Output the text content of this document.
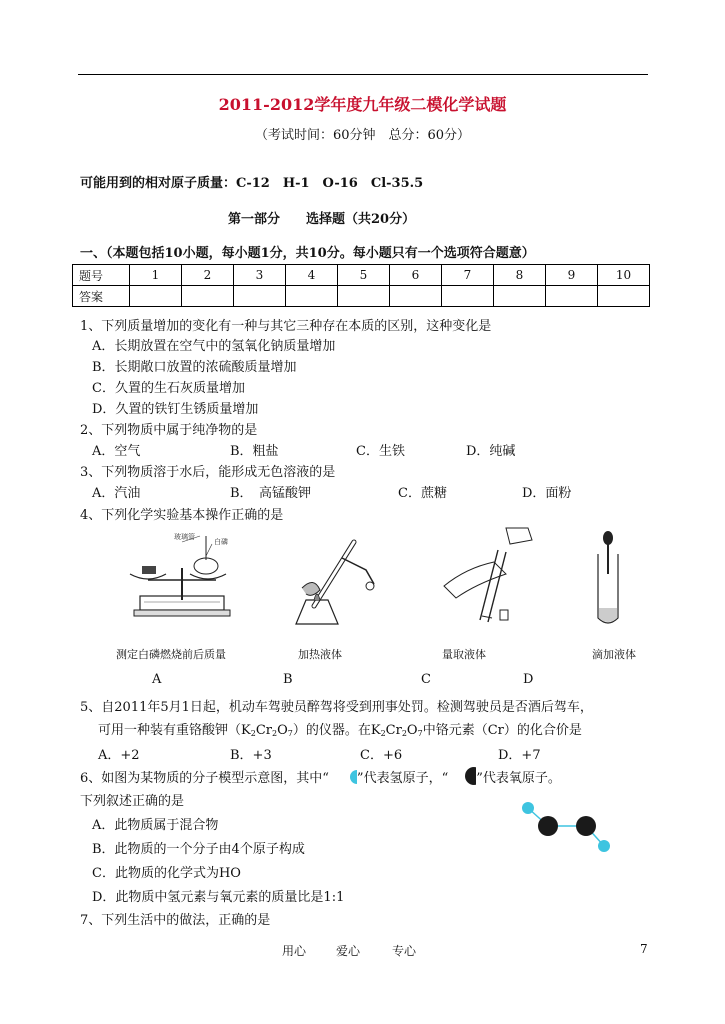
2011-2012学年度九年级二模化学试题
（考试时间：60分钟　总分：60分）
可能用到的相对原子质量：C-12　H-1　O-16　Cl-35.5
第一部分　　选择题（共20分）
一、（本题包括10小题，每小题1分，共10分。每小题只有一个选项符合题意）
题号	1	2	3	4	5	6	7	8	9	10
答案										
1、下列质量增加的变化有一种与其它三种存在本质的区别，这种变化是
A．长期放置在空气中的氢氧化钠质量增加
B．长期敞口放置的浓硫酸质量增加
C．久置的生石灰质量增加
D．久置的铁钉生锈质量增加
2、下列物质中属于纯净物的是
A．空气	B．粗盐	C．生铁	D．纯碱
3、下列物质溶于水后，能形成无色溶液的是
A．汽油	B．　高锰酸钾	C．蔗糖	D．面粉
4、下列化学实验基本操作正确的是
玻璃管
白磷
测定白磷燃烧前后质量	加热液体	量取液体	滴加液体
A	B	C	D
5、自2011年5月1日起，机动车驾驶员醉驾将受到刑事处罚。检测驾驶员是否酒后驾车，
可用一种装有重铬酸钾$(K_2Cr_2O_7)$的仪器。在$K_2Cr_2O_7$中铬元素（Cr）的化合价是
A．+2	B．+3	C．+6	D．+7
6、如图为某物质的分子模型示意图，其中“ ”代表氢原子，“ ”代表氧原子。
下列叙述正确的是
A．此物质属于混合物
B．此物质的一个分子由4个原子构成
C．此物质的化学式为HO
D．此物质中氢元素与氧元素的质量比是1:1
7、下列生活中的做法，正确的是
用心 爱心	专心	7
